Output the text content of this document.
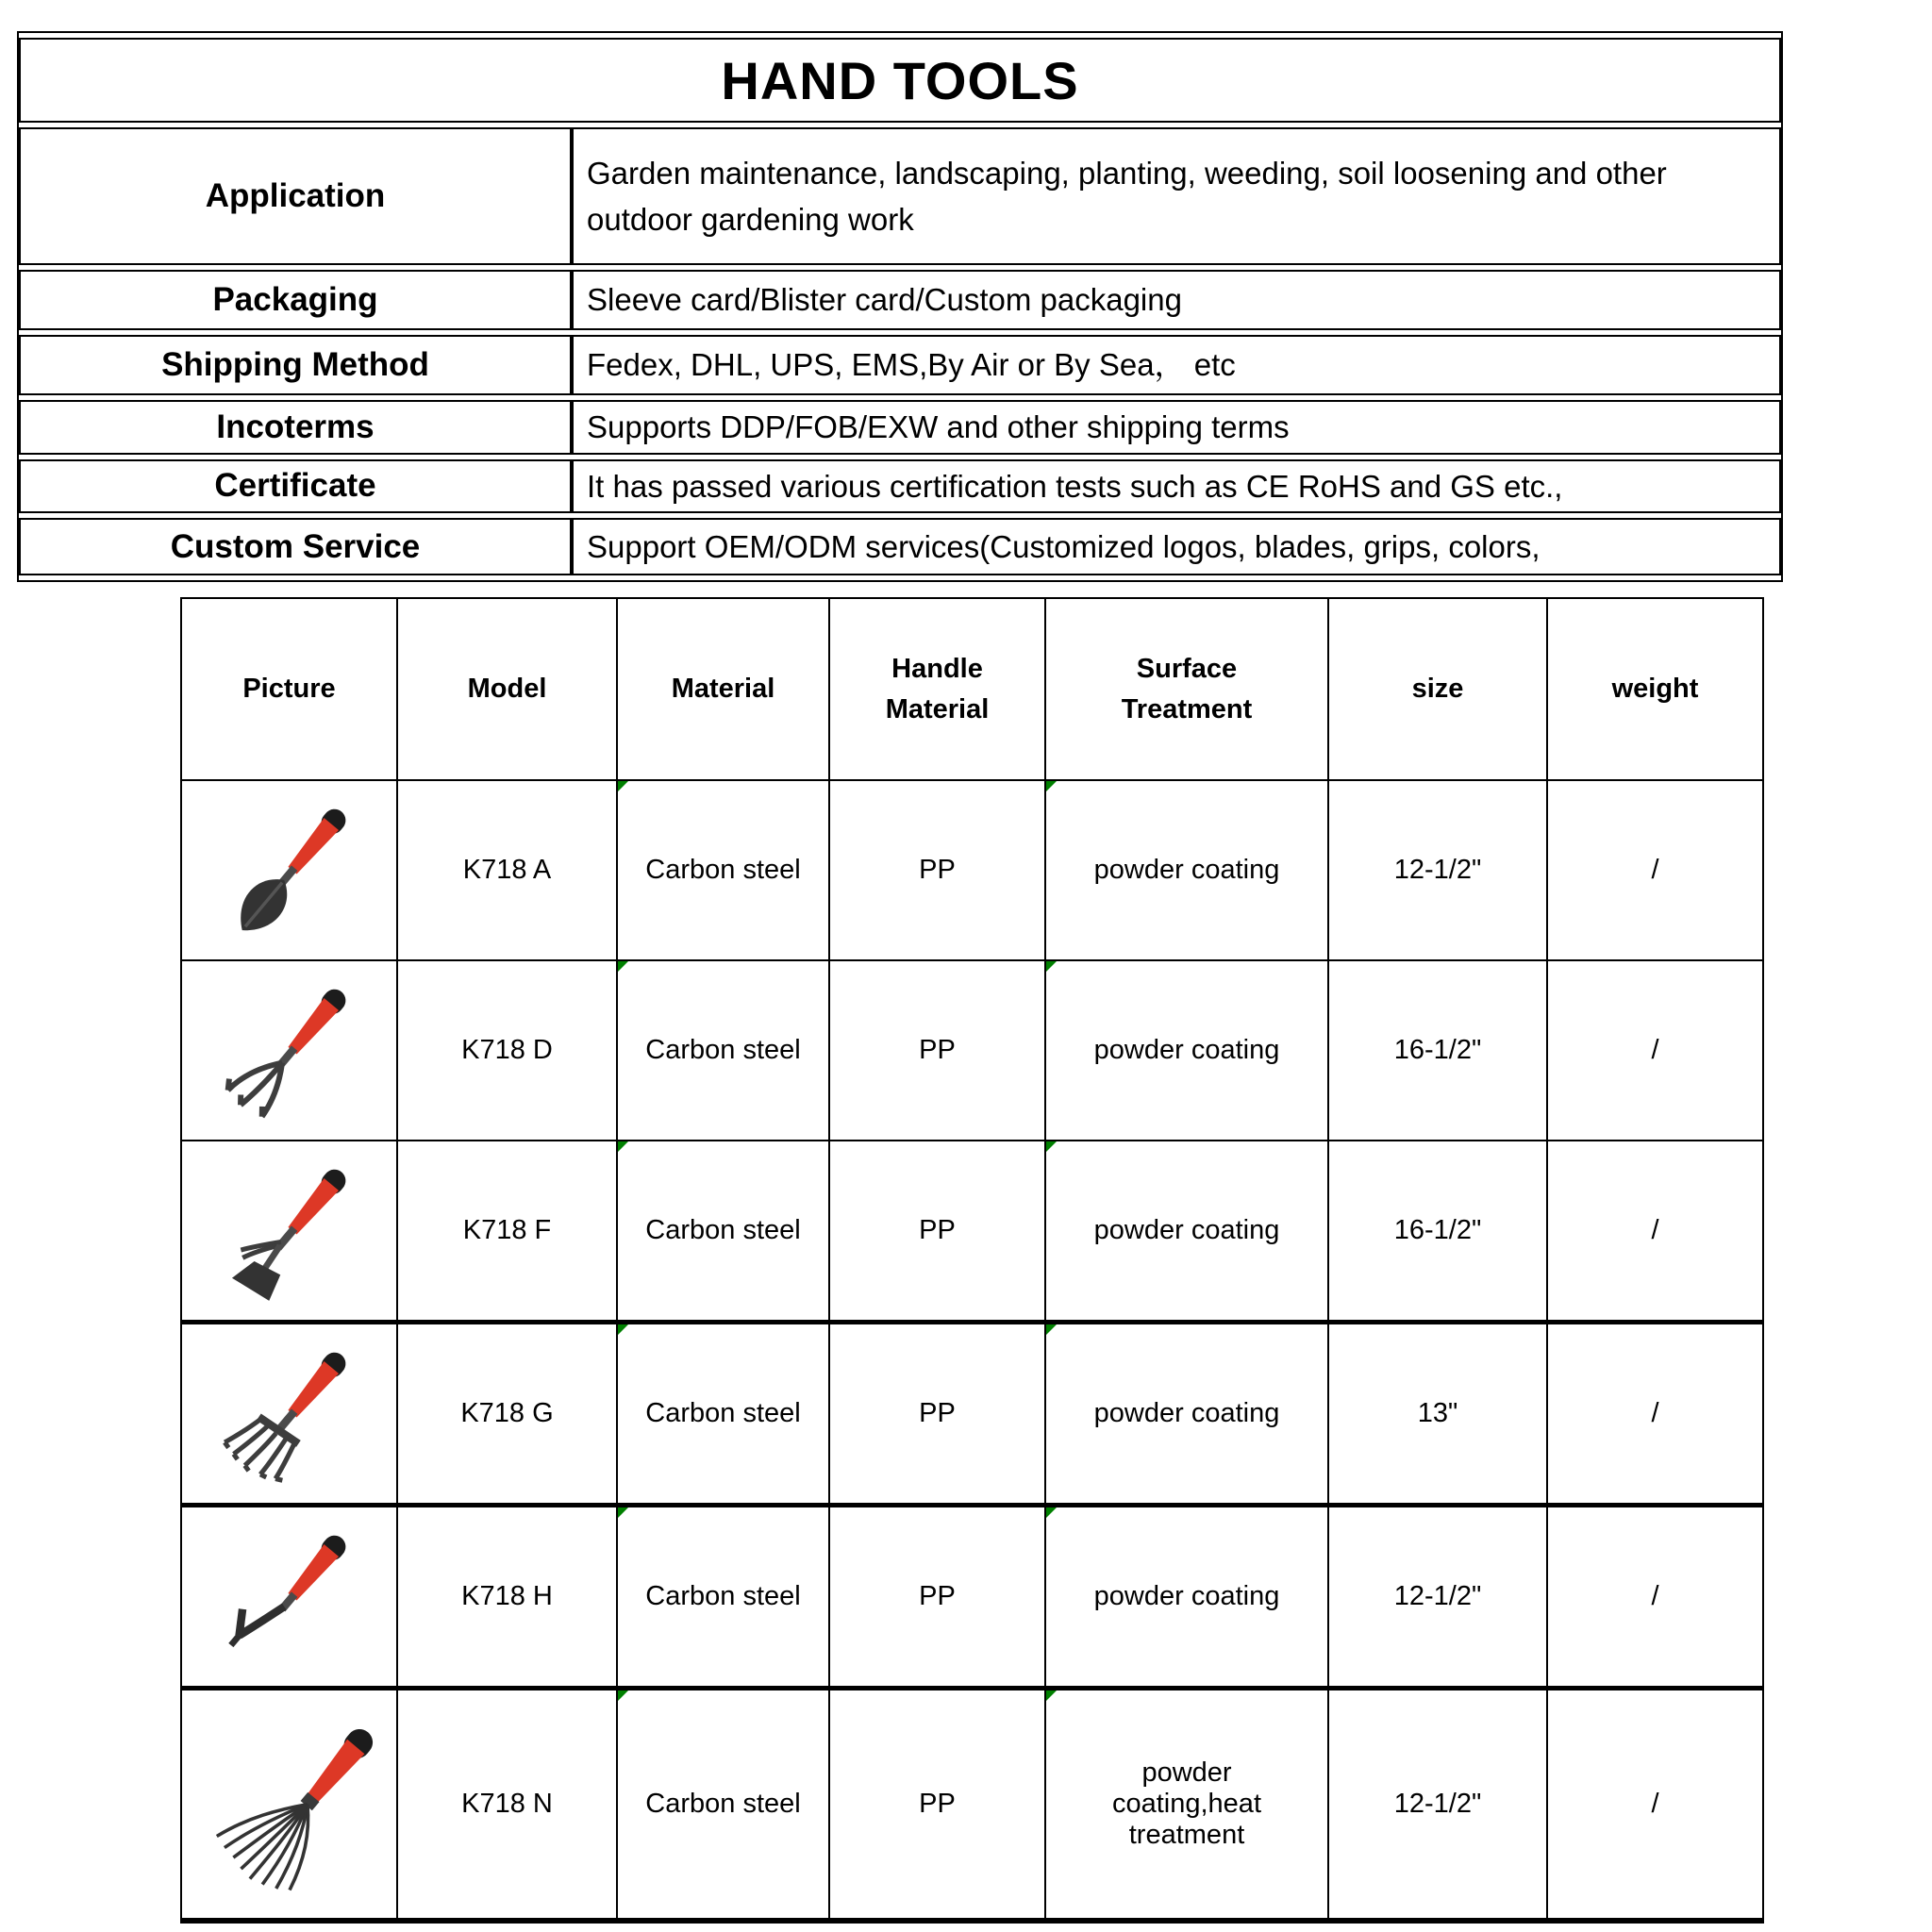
HAND TOOLS	
Application	Garden maintenance, landscaping, planting, weeding, soil loosening and other outdoor gardening work
Packaging	Sleeve card/Blister card/Custom packaging
Shipping Method	Fedex, DHL, UPS, EMS,By Air or By Sea， etc
Incoterms	Supports DDP/FOB/EXW and other shipping terms
Certificate	It has passed various certification tests such as CE RoHS and GS etc.,
Custom Service	Support OEM/ODM services(Customized logos, blades, grips, colors,
Picture	Model	Material	Handle Material	Surface Treatment	size	weight

	K718 A	Carbon steel	PP	powder coating	12-1/2"	/

	K718 D	Carbon steel	PP	powder coating	16-1/2"	/

	K718 F	Carbon steel	PP	powder coating	16-1/2"	/

	K718 G	Carbon steel	PP	powder coating	13"	/

	K718 H	Carbon steel	PP	powder coating	12-1/2"	/

	K718 N	Carbon steel	PP	powder coating,heat treatment	12-1/2"	/
